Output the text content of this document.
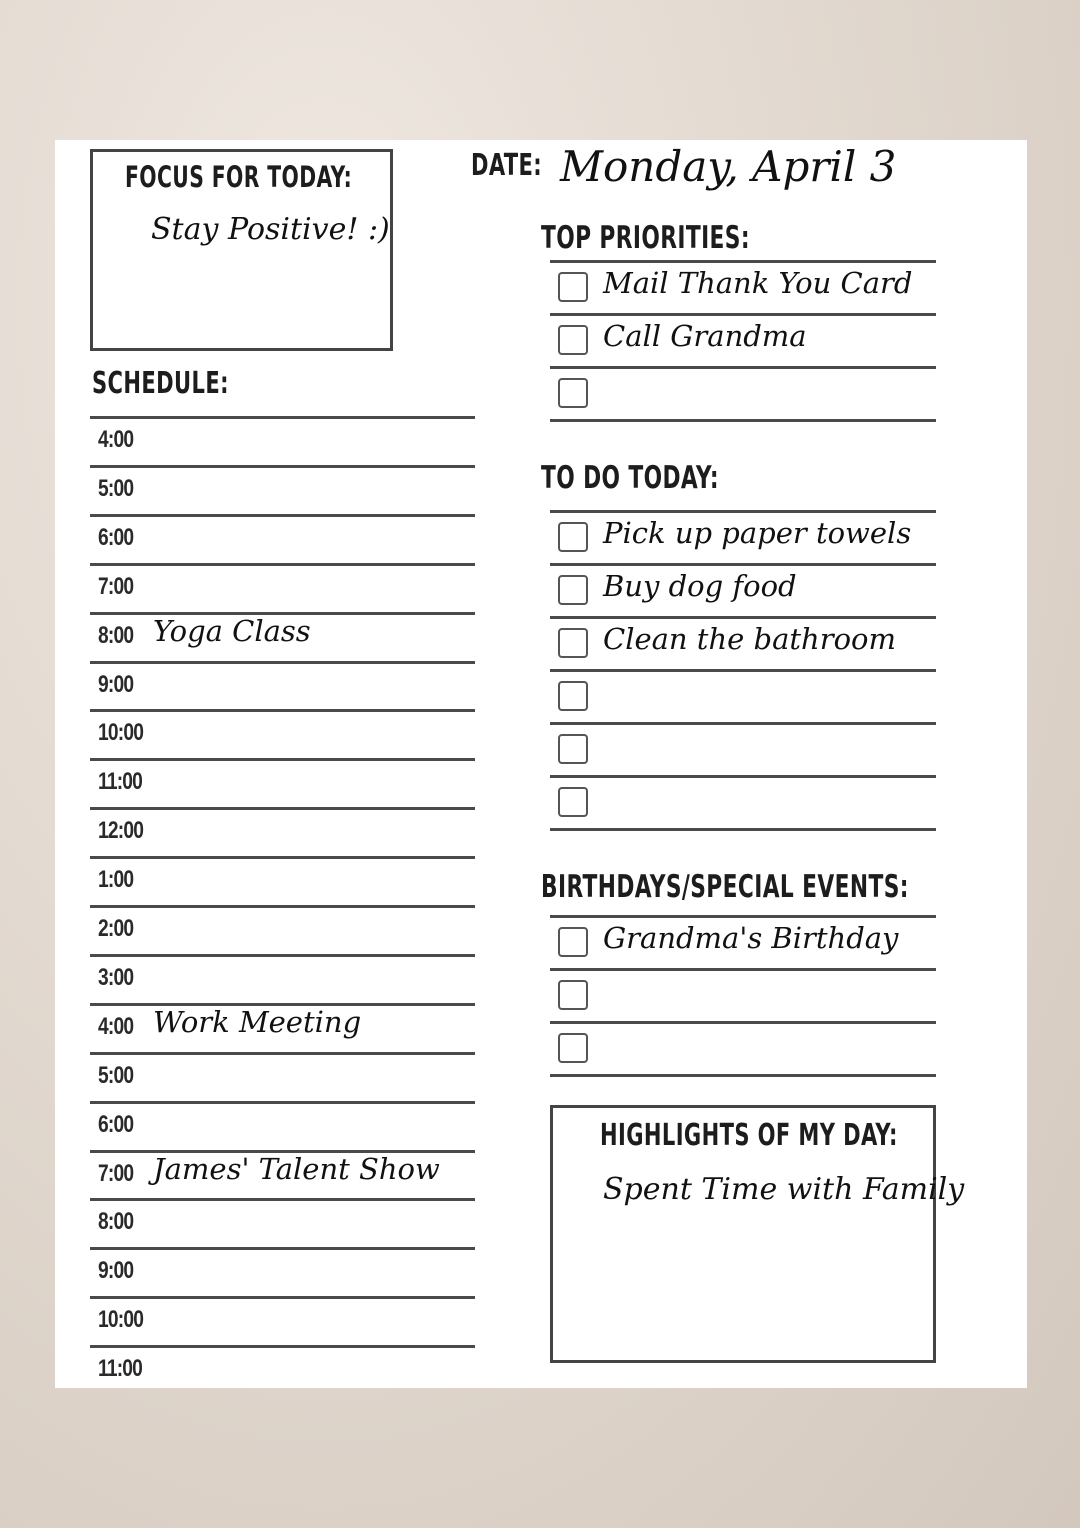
FOCUS FOR TODAY:
Stay Positive! :)
DATE: Monday, April 3
SCHEDULE:
4:00
5:00
6:00
7:00
8:00 Yoga Class
9:00
10:00
11:00
12:00
1:00
2:00
3:00
4:00 Work Meeting
5:00
6:00
7:00 James' Talent Show
8:00
9:00
10:00
11:00
TOP PRIORITIES:
Mail Thank You Card
Call Grandma
TO DO TODAY:
Pick up paper towels
Buy dog food
Clean the bathroom
BIRTHDAYS/SPECIAL EVENTS:
Grandma's Birthday
HIGHLIGHTS OF MY DAY:
Spent Time with Family
